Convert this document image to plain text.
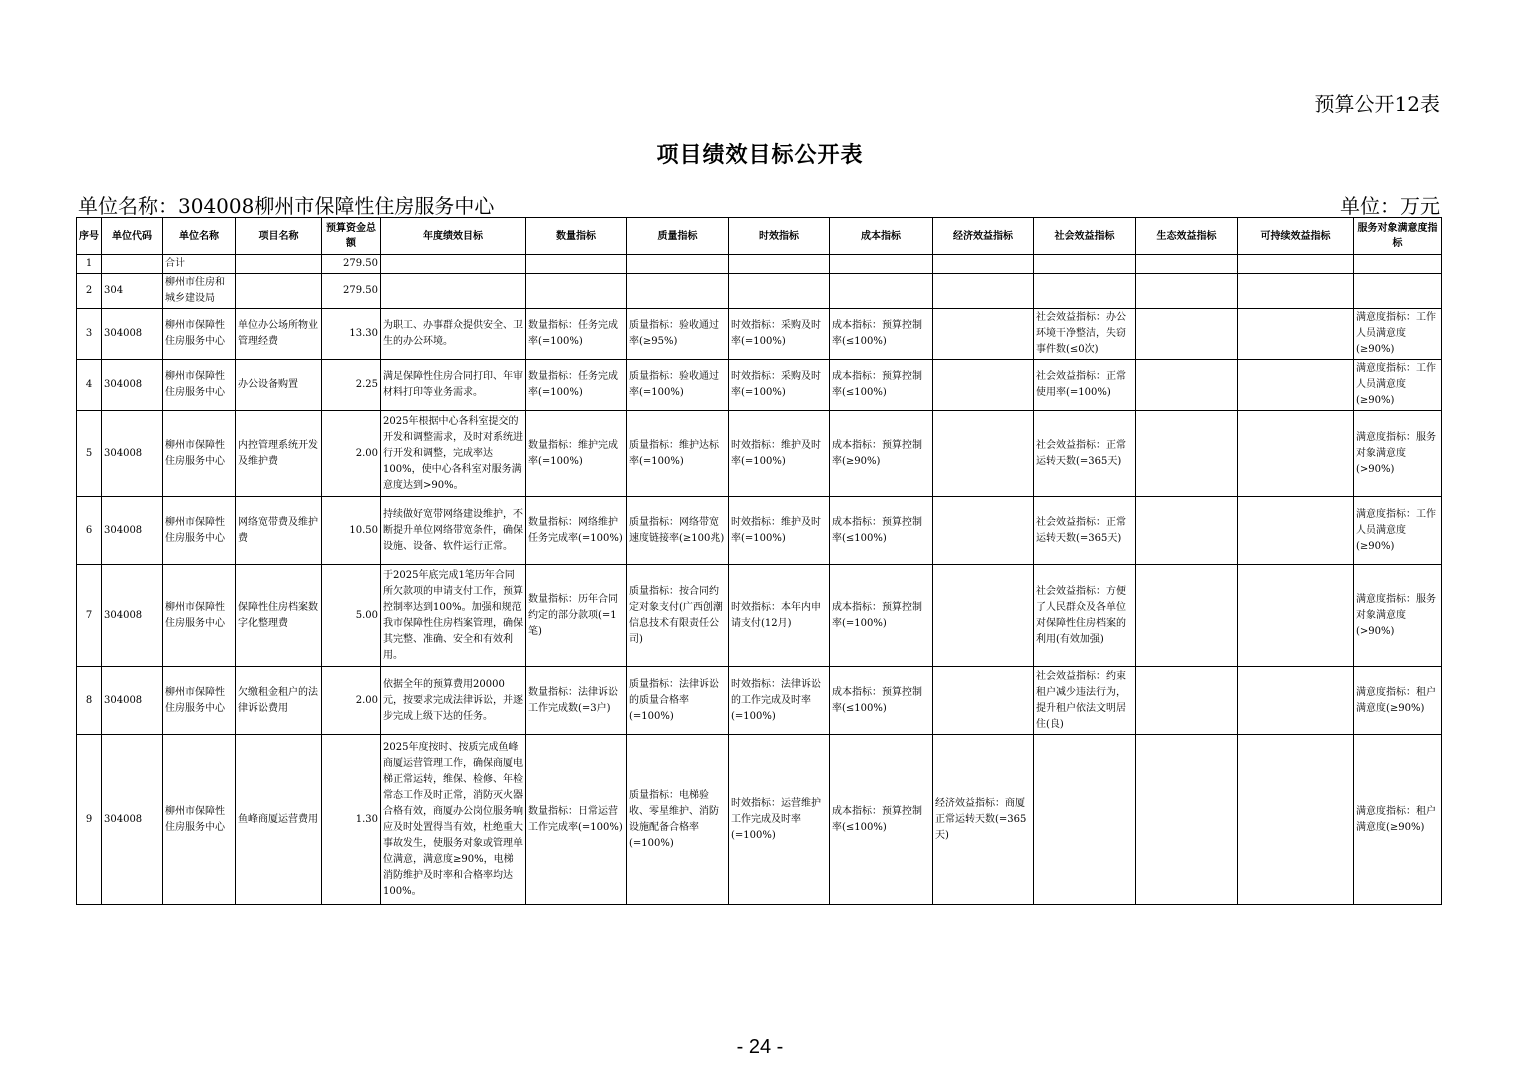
预算公开12表
项目绩效目标公开表
单位名称：304008柳州市保障性住房服务中心	单位：万元
序号	单位代码	单位名称	项目名称	预算资金总额	年度绩效目标	数量指标	质量指标	时效指标	成本指标	经济效益指标	社会效益指标	生态效益指标	可持续效益指标	服务对象满意度指标
1		合计		279.50										
2	304	柳州市住房和城乡建设局		279.50										
3	304008	柳州市保障性住房服务中心	单位办公场所物业管理经费	13.30	为职工、办事群众提供安全、卫生的办公环境。	数量指标：任务完成率(=100%)	质量指标：验收通过率(≥95%)	时效指标：采购及时率(=100%)	成本指标：预算控制率(≤100%)		社会效益指标：办公环境干净整洁，失窃事件数(≤0次)			满意度指标：工作人员满意度(≥90%)
4	304008	柳州市保障性住房服务中心	办公设备购置	2.25	满足保障性住房合同打印、年审材料打印等业务需求。	数量指标：任务完成率(=100%)	质量指标：验收通过率(=100%)	时效指标：采购及时率(=100%)	成本指标：预算控制率(≤100%)		社会效益指标：正常使用率(=100%)			满意度指标：工作人员满意度(≥90%)
5	304008	柳州市保障性住房服务中心	内控管理系统开发及维护费	2.00	2025年根据中心各科室提交的开发和调整需求，及时对系统进行开发和调整，完成率达100%，使中心各科室对服务满意度达到>90%。	数量指标：维护完成率(=100%)	质量指标：维护达标率(=100%)	时效指标：维护及时率(=100%)	成本指标：预算控制率(≥90%)		社会效益指标：正常运转天数(=365天)			满意度指标：服务对象满意度(>90%)
6	304008	柳州市保障性住房服务中心	网络宽带费及维护费	10.50	持续做好宽带网络建设维护，不断提升单位网络带宽条件，确保设施、设备、软件运行正常。	数量指标：网络维护任务完成率(=100%)	质量指标：网络带宽速度链接率(≥100兆)	时效指标：维护及时率(=100%)	成本指标：预算控制率(≤100%)		社会效益指标：正常运转天数(=365天)			满意度指标：工作人员满意度(≥90%)
7	304008	柳州市保障性住房服务中心	保障性住房档案数字化整理费	5.00	于2025年底完成1笔历年合同所欠款项的申请支付工作，预算控制率达到100%。加强和规范我市保障性住房档案管理，确保其完整、准确、安全和有效利用。	数量指标：历年合同约定的部分款项(=1笔)	质量指标：按合同约定对象支付(广西创潮信息技术有限责任公司)	时效指标：本年内申请支付(12月)	成本指标：预算控制率(=100%)		社会效益指标：方便了人民群众及各单位对保障性住房档案的利用(有效加强)			满意度指标：服务对象满意度(>90%)
8	304008	柳州市保障性住房服务中心	欠缴租金租户的法律诉讼费用	2.00	依据全年的预算费用20000元，按要求完成法律诉讼，并逐步完成上级下达的任务。	数量指标：法律诉讼工作完成数(=3户)	质量指标：法律诉讼的质量合格率(=100%)	时效指标：法律诉讼的工作完成及时率(=100%)	成本指标：预算控制率(≤100%)		社会效益指标：约束租户减少违法行为，提升租户依法文明居住(良)			满意度指标：租户满意度(≥90%)
9	304008	柳州市保障性住房服务中心	鱼峰商厦运营费用	1.30	2025年度按时、按质完成鱼峰商厦运营管理工作，确保商厦电梯正常运转，维保、检修、年检常态工作及时正常，消防灭火器合格有效，商厦办公岗位服务响应及时处置得当有效，杜绝重大事故发生，使服务对象或管理单位满意，满意度≥90%，电梯消防维护及时率和合格率均达100%。	数量指标：日常运营工作完成率(=100%)	质量指标：电梯验收、零星维护、消防设施配备合格率(=100%)	时效指标：运营维护工作完成及时率(=100%)	成本指标：预算控制率(≤100%)	经济效益指标：商厦正常运转天数(=365天)				满意度指标：租户满意度(≥90%)
- 24 -
